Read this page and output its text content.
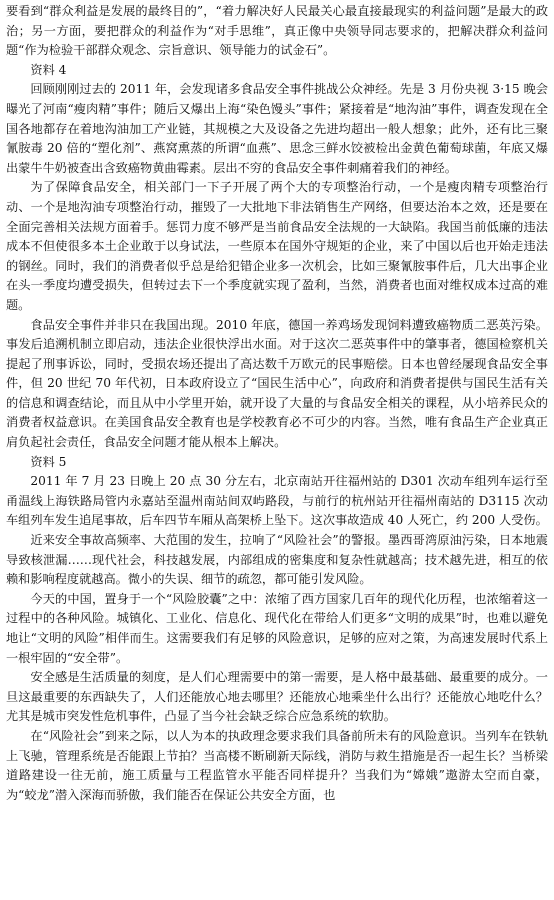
要看到“群众利益是发展的最终目的”，“着力解决好人民最关心最直接最现实的利益问题”是最大的政治；另一方面，要把群众的利益作为“对手思维”，真正像中央领导同志要求的，把解决群众利益问题“作为检验干部群众观念、宗旨意识、领导能力的试金石”。

资料 4

回顾刚刚过去的 2011 年，会发现诸多食品安全事件挑战公众神经。先是 3 月份央视 3·15 晚会曝光了河南“瘦肉精”事件；随后又爆出上海“染色馒头”事件；紧接着是“地沟油”事件，调查发现在全国各地都存在着地沟油加工产业链，其规模之大及设备之先进均超出一般人想象；此外，还有比三聚氰胺毒 20 倍的“塑化剂”、燕窝熏蒸的所谓“血燕”、思念三鲜水饺被检出金黄色葡萄球菌，年底又爆出蒙牛牛奶被查出含致癌物黄曲霉素。层出不穷的食品安全事件刺痛着我们的神经。

为了保障食品安全，相关部门一下子开展了两个大的专项整治行动，一个是瘦肉精专项整治行动、一个是地沟油专项整治行动，摧毁了一大批地下非法销售生产网络，但要达治本之效，还是要在全面完善相关法规方面着手。惩罚力度不够严是当前食品安全法规的一大缺陷。我国当前低廉的违法成本不但使很多本土企业敢于以身试法，一些原本在国外守规矩的企业，来了中国以后也开始走违法的钢丝。同时，我们的消费者似乎总是给犯错企业多一次机会，比如三聚氰胺事件后，几大出事企业在头一季度均遭受损失，但转过去下一个季度就实现了盈利，当然，消费者也面对维权成本过高的难题。

食品安全事件并非只在我国出现。2010 年底，德国一养鸡场发现饲料遭致癌物质二恶英污染。事发后追溯机制立即启动，违法企业很快浮出水面。对于这次二恶英事件中的肇事者，德国检察机关提起了刑事诉讼，同时，受损农场还提出了高达数千万欧元的民事赔偿。日本也曾经屡现食品安全事件，但 20 世纪 70 年代初，日本政府设立了“国民生活中心”，向政府和消费者提供与国民生活有关的信息和调查结论，而且从中小学里开始，就开设了大量的与食品安全相关的课程，从小培养民众的消费者权益意识。在美国食品安全教育也是学校教育必不可少的内容。当然，唯有食品生产企业真正肩负起社会责任，食品安全问题才能从根本上解决。

资料 5

2011 年 7 月 23 日晚上 20 点 30 分左右，北京南站开往福州站的 D301 次动车组列车运行至甬温线上海铁路局管内永嘉站至温州南站间双屿路段，与前行的杭州站开往福州南站的 D3115 次动车组列车发生追尾事故，后车四节车厢从高架桥上坠下。这次事故造成 40 人死亡，约 200 人受伤。

近来安全事故高频率、大范围的发生，拉响了“风险社会”的警报。墨西哥湾原油污染，日本地震导致核泄漏……现代社会，科技越发展，内部组成的密集度和复杂性就越高；技术越先进，相互的依赖和影响程度就越高。微小的失误、细节的疏忽，都可能引发风险。

今天的中国，置身于一个“风险胶囊”之中：浓缩了西方国家几百年的现代化历程，也浓缩着这一过程中的各种风险。城镇化、工业化、信息化、现代化在带给人们更多“文明的成果”时，也难以避免地让“文明的风险”相伴而生。这需要我们有足够的风险意识，足够的应对之策，为高速发展时代系上一根牢固的“安全带”。

安全感是生活质量的刻度，是人们心理需要中的第一需要，是人格中最基础、最重要的成分。一旦这最重要的东西缺失了，人们还能放心地去哪里？还能放心地乘坐什么出行？还能放心地吃什么？尤其是城市突发性危机事件，凸显了当今社会缺乏综合应急系统的软肋。

在“风险社会”到来之际，以人为本的执政理念要求我们具备前所未有的风险意识。当列车在铁轨上飞驰，管理系统是否能跟上节拍？当高楼不断刷新天际线，消防与救生措施是否一起生长？当桥梁道路建设一往无前，施工质量与工程监管水平能否同样提升？当我们为“嫦娥”遨游太空而自豪，为“蛟龙”潜入深海而骄傲，我们能否在保证公共安全方面，也
